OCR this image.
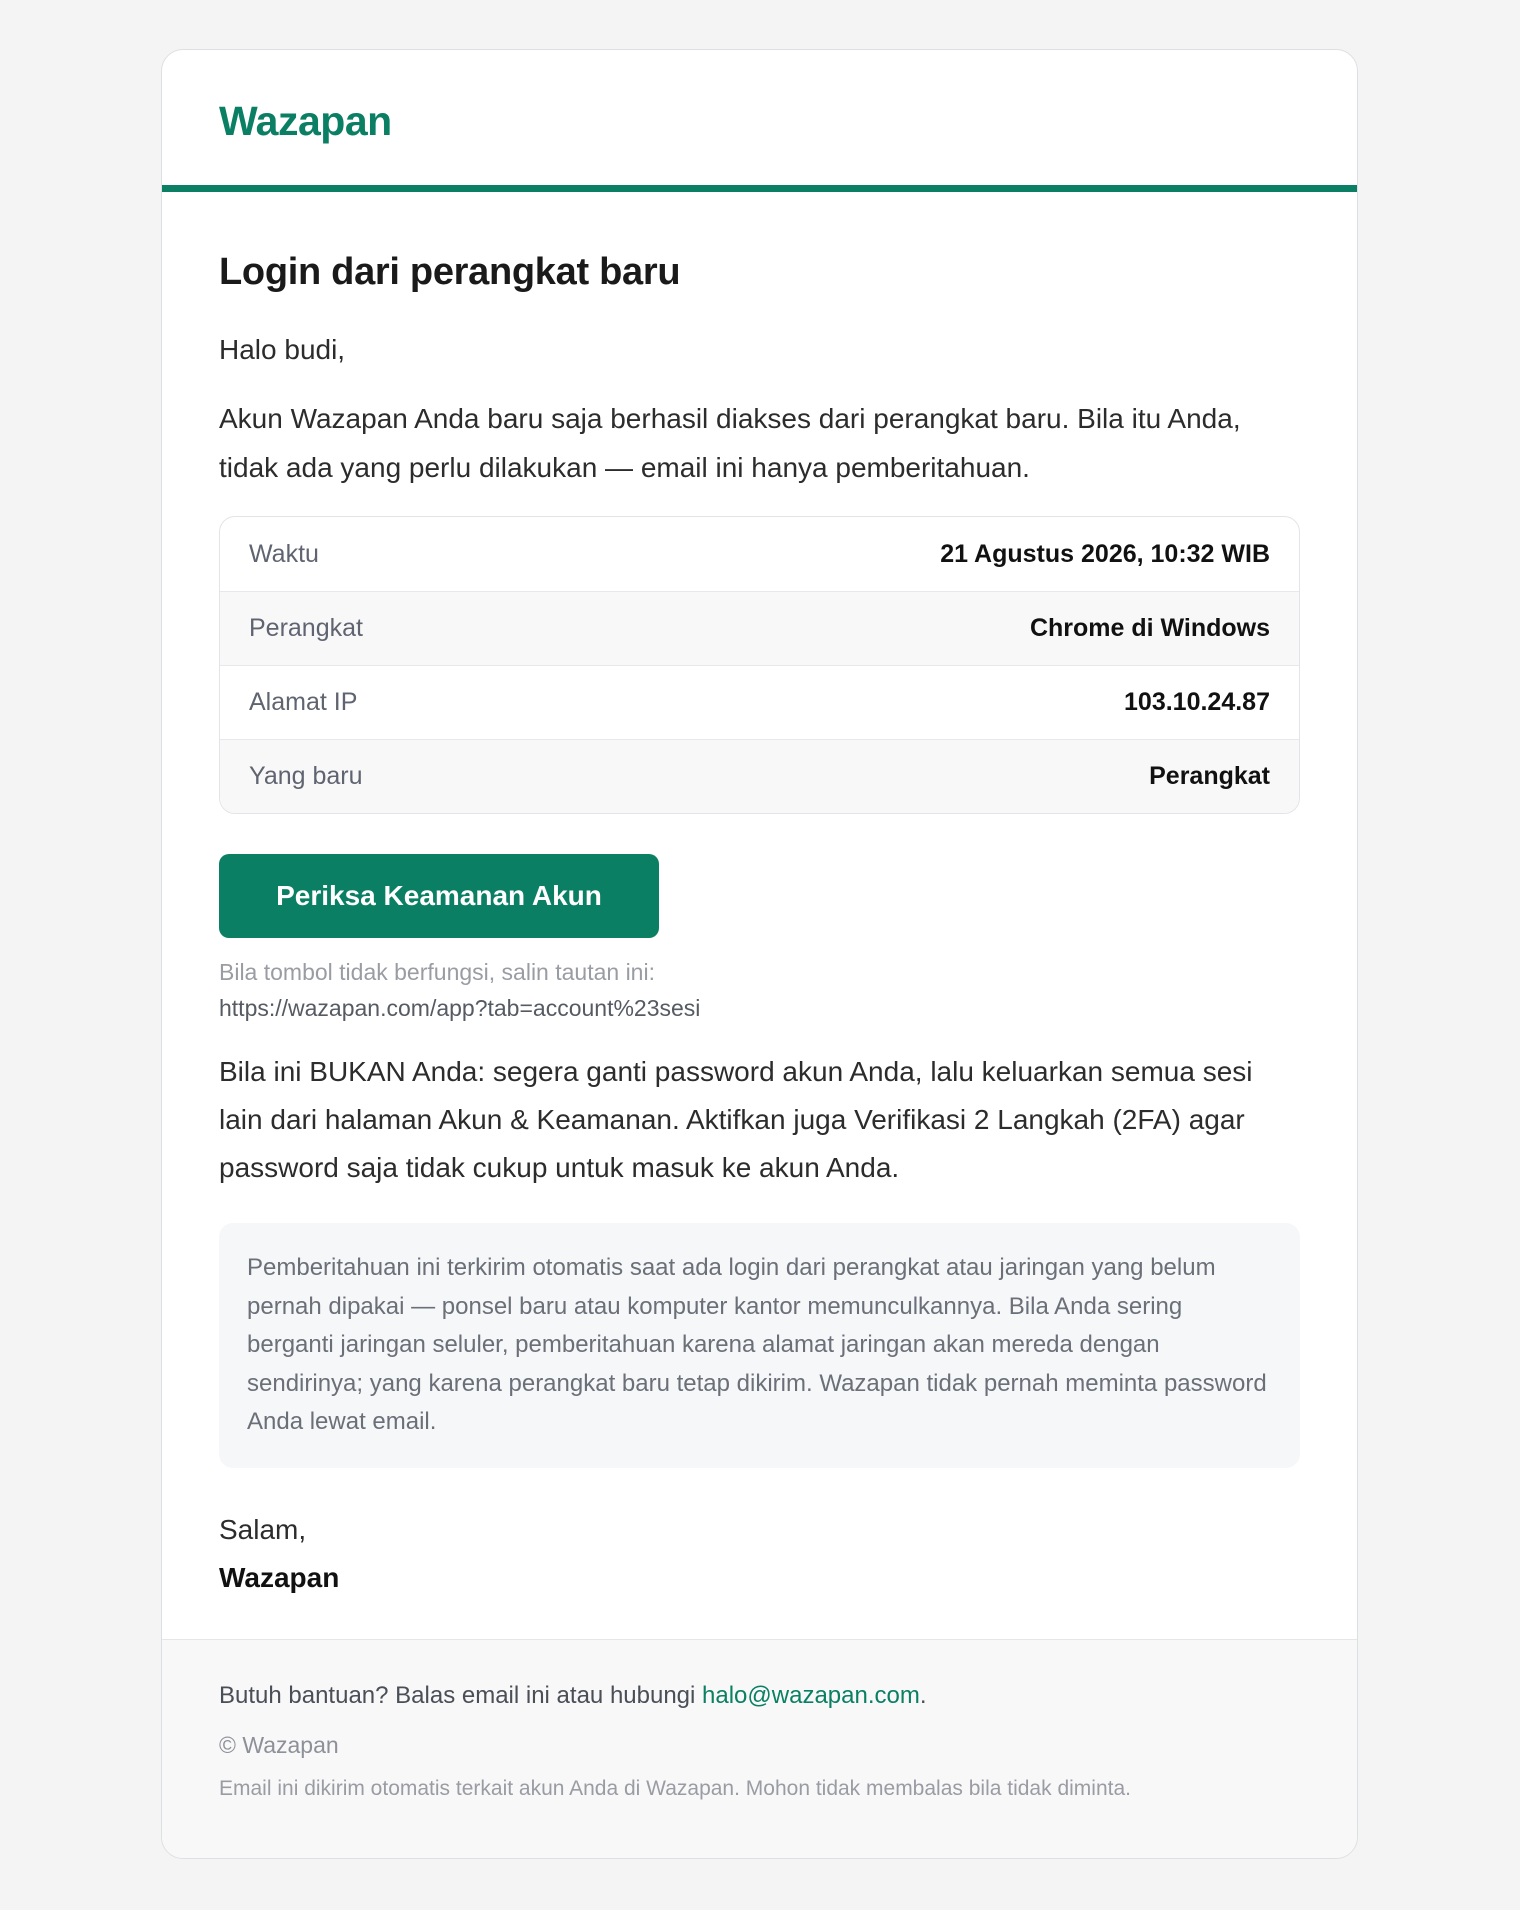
Wazapan
Login dari perangkat baru

Halo budi,

Akun Wazapan Anda baru saja berhasil diakses dari perangkat baru. Bila itu Anda, tidak ada yang perlu dilakukan — email ini hanya pemberitahuan.

Waktu	21 Agustus 2026, 10:32 WIB
Perangkat	Chrome di Windows
Alamat IP	103.10.24.87
Yang baru	Perangkat
Periksa Keamanan Akun
Bila tombol tidak berfungsi, salin tautan ini:
https://wazapan.com/app?tab=account%23sesi

Bila ini BUKAN Anda: segera ganti password akun Anda, lalu keluarkan semua sesi lain dari halaman Akun & Keamanan. Aktifkan juga Verifikasi 2 Langkah (2FA) agar password saja tidak cukup untuk masuk ke akun Anda.

Pemberitahuan ini terkirim otomatis saat ada login dari perangkat atau jaringan yang belum pernah dipakai — ponsel baru atau komputer kantor memunculkannya. Bila Anda sering berganti jaringan seluler, pemberitahuan karena alamat jaringan akan mereda dengan sendirinya; yang karena perangkat baru tetap dikirim. Wazapan tidak pernah meminta password Anda lewat email.
Salam,
Wazapan
Butuh bantuan? Balas email ini atau hubungi halo@wazapan.com.
© Wazapan
Email ini dikirim otomatis terkait akun Anda di Wazapan. Mohon tidak membalas bila tidak diminta.
